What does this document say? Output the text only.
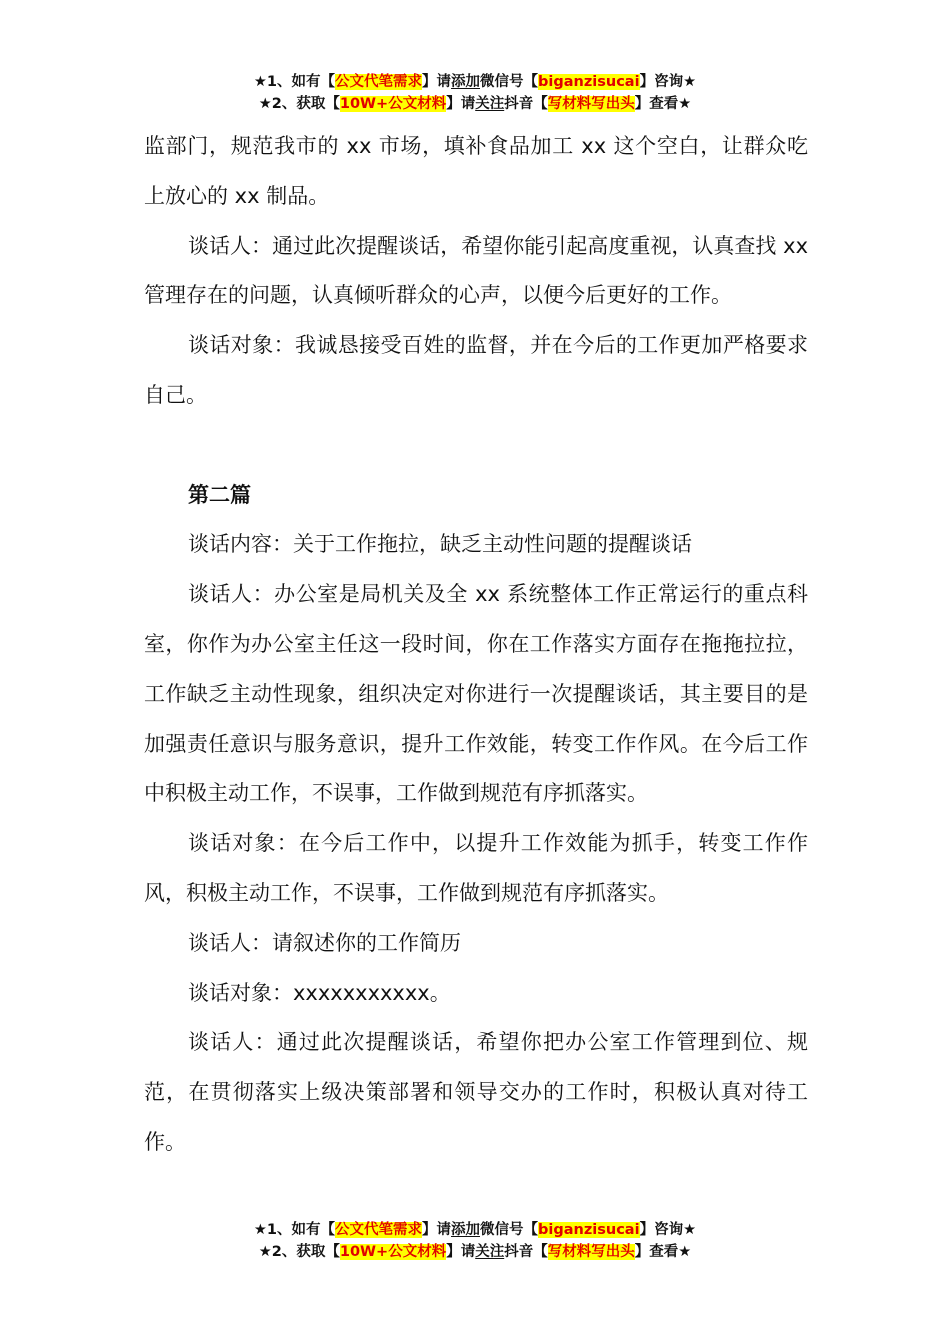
★1、如有【公文代笔需求】请添加微信号【biganzisucai】咨询★
★2、获取【10W+公文材料】请关注抖音【写材料写出头】查看★

监部门，规范我市的 xx 市场，填补食品加工 xx 这个空白，让群众吃上放心的 xx 制品。

谈话人：通过此次提醒谈话，希望你能引起高度重视，认真查找 xx 管理存在的问题，认真倾听群众的心声，以便今后更好的工作。

谈话对象：我诚恳接受百姓的监督，并在今后的工作更加严格要求自己。

第二篇

谈话内容：关于工作拖拉，缺乏主动性问题的提醒谈话

谈话人：办公室是局机关及全 xx 系统整体工作正常运行的重点科室，你作为办公室主任这一段时间，你在工作落实方面存在拖拖拉拉，工作缺乏主动性现象，组织决定对你进行一次提醒谈话，其主要目的是加强责任意识与服务意识，提升工作效能，转变工作作风。在今后工作中积极主动工作，不误事，工作做到规范有序抓落实。

谈话对象：在今后工作中，以提升工作效能为抓手，转变工作作风，积极主动工作，不误事，工作做到规范有序抓落实。

谈话人：请叙述你的工作简历

谈话对象：xxxxxxxxxxx。

谈话人：通过此次提醒谈话，希望你把办公室工作管理到位、规范，在贯彻落实上级决策部署和领导交办的工作时，积极认真对待工作。

★1、如有【公文代笔需求】请添加微信号【biganzisucai】咨询★
★2、获取【10W+公文材料】请关注抖音【写材料写出头】查看★
